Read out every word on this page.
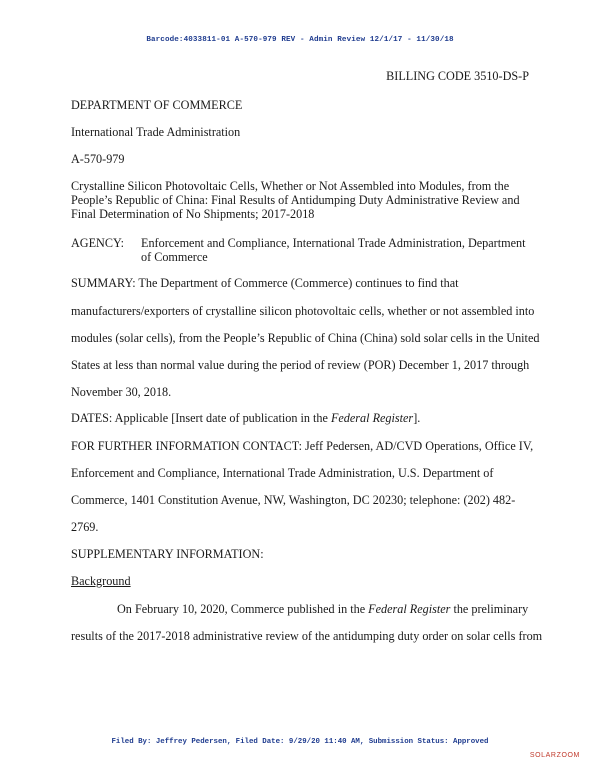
Barcode:4033811-01 A-570-979 REV - Admin Review 12/1/17 - 11/30/18
BILLING CODE 3510-DS-P
DEPARTMENT OF COMMERCE
International Trade Administration
A-570-979
Crystalline Silicon Photovoltaic Cells, Whether or Not Assembled into Modules, from the People’s Republic of China: Final Results of Antidumping Duty Administrative Review and Final Determination of No Shipments; 2017-2018
AGENCY: Enforcement and Compliance, International Trade Administration, Department of Commerce
SUMMARY: The Department of Commerce (Commerce) continues to find that
manufacturers/exporters of crystalline silicon photovoltaic cells, whether or not assembled into
modules (solar cells), from the People’s Republic of China (China) sold solar cells in the United
States at less than normal value during the period of review (POR) December 1, 2017 through
November 30, 2018.
DATES: Applicable [Insert date of publication in the Federal Register].
FOR FURTHER INFORMATION CONTACT: Jeff Pedersen, AD/CVD Operations, Office IV,
Enforcement and Compliance, International Trade Administration, U.S. Department of
Commerce, 1401 Constitution Avenue, NW, Washington, DC 20230; telephone: (202) 482-
2769.
SUPPLEMENTARY INFORMATION:
Background
On February 10, 2020, Commerce published in the Federal Register the preliminary
results of the 2017-2018 administrative review of the antidumping duty order on solar cells from
Filed By: Jeffrey Pedersen, Filed Date: 9/29/20 11:40 AM, Submission Status: Approved
SOLARZOOM
